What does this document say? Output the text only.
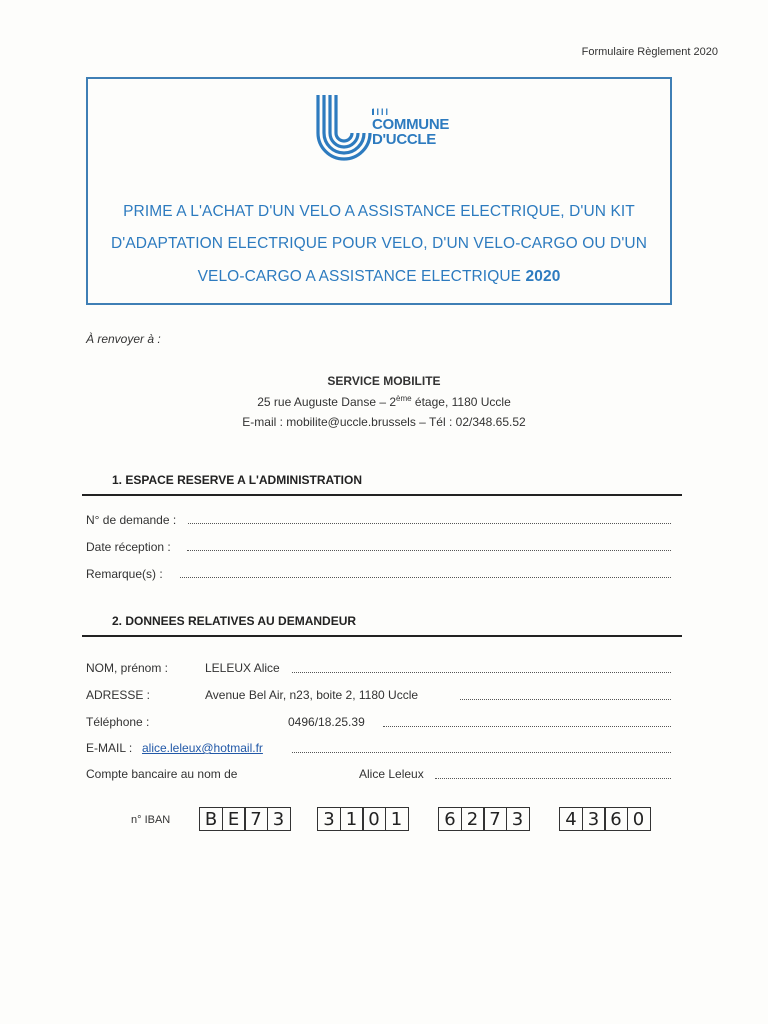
Formulaire Règlement 2020
IIII
COMMUNE
D'UCCLE
PRIME A L'ACHAT D'UN VELO A ASSISTANCE ELECTRIQUE, D'UN KIT
D'ADAPTATION ELECTRIQUE POUR VELO, D'UN VELO-CARGO OU D'UN
VELO-CARGO A ASSISTANCE ELECTRIQUE 2020
À renvoyer à :
SERVICE MOBILITE
25 rue Auguste Danse – 2ème étage, 1180 Uccle
E-mail : mobilite@uccle.brussels – Tél : 02/348.65.52
1. ESPACE RESERVE A L'ADMINISTRATION
N° de demande :
Date réception :
Remarque(s) :
2. DONNEES RELATIVES AU DEMANDEUR
NOM, prénom :	LELEUX Alice
ADRESSE :	Avenue Bel Air, n23, boite 2, 1180 Uccle
Téléphone :	0496/18.25.39
E-MAIL : alice.leleux@hotmail.fr
Compte bancaire au nom de	Alice Leleux
n° IBAN	B E 7 3	3 1 0 1	6 2 7 3	4 3 6 0
